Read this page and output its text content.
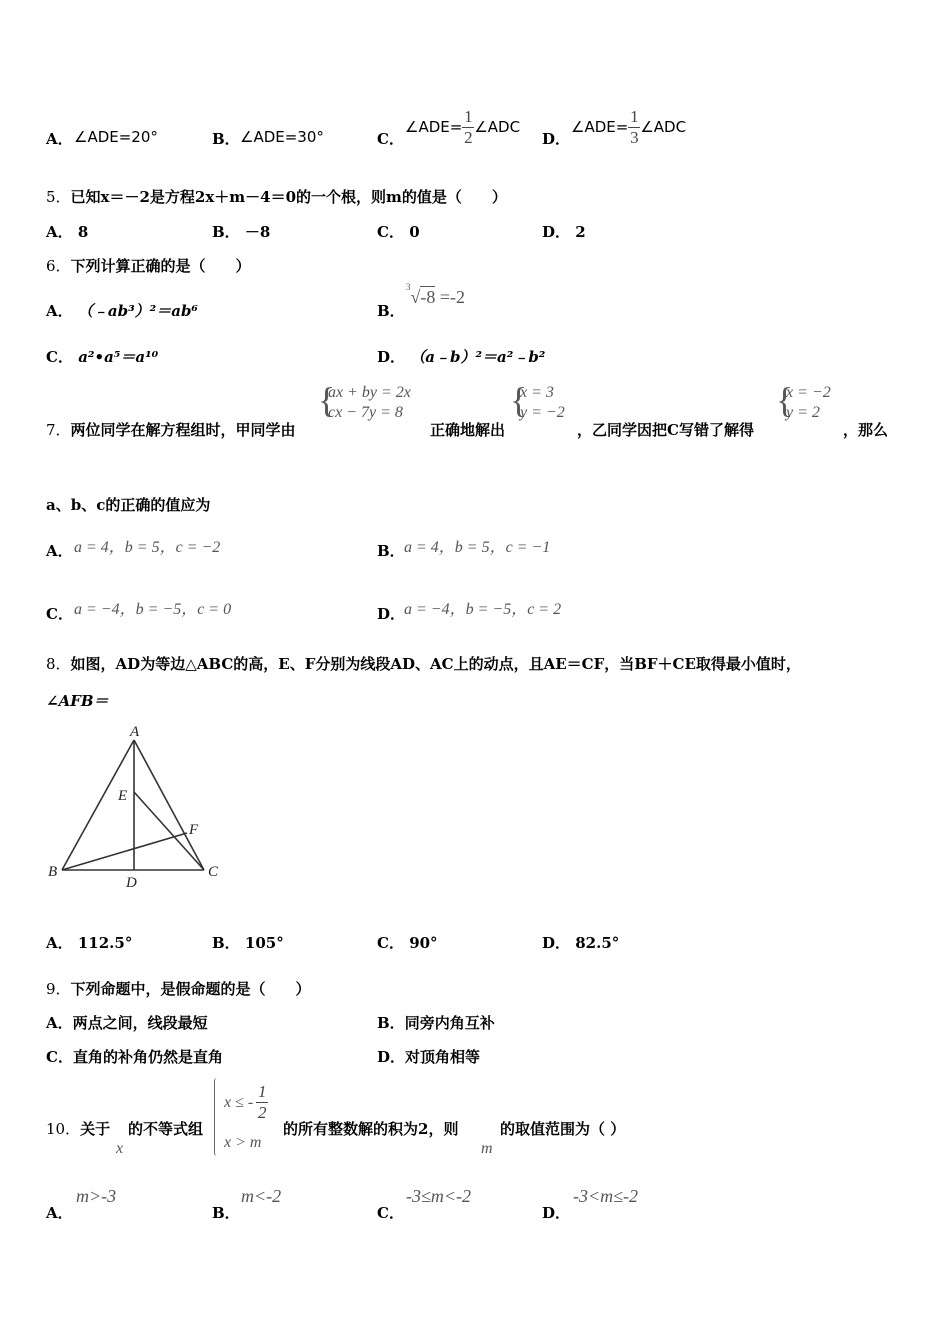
A． ∠ADE=20°	B． ∠ADE=30°	C．
∠ADE= $\frac{1}{2}$ ∠ADC
D．
∠ADE= $\frac{1}{3}$ ∠ADC
5．已知x＝－2是方程2x＋m－4＝0的一个根，则m的值是（　　）
A． 8	B． －8	C． 0	D． 2
6．下列计算正确的是（　　）
A． （﹣ab³）²＝ab⁶	B．
$^3$√-8 =-2
C． a²•a⁵＝a¹⁰	D． （a﹣b）²＝a²﹣b²
7．两位同学在解方程组时，甲同学由
{
ax + by = 2x
cx − 7y = 8
正确地解出
{
x = 3
y = −2
，乙同学因把C写错了解得
{
x = −2
y = 2
，那么
a、b、c的正确的值应为
A． a = 4，b = 5，c = −2	B． a = 4，b = 5，c = −1
C． a = −4，b = −5，c = 0	D．
a = −4，b = −5，c = 2
8．如图，AD为等边△ABC的高，E、F分别为线段AD、AC上的动点，且AE＝CF，当BF＋CE取得最小值时，
∠AFB＝
A
B	C
D
E
F
A． 112.5°	B． 105°	C． 90°	D． 82.5°
9．下列命题中，是假命题的是（　　）
A．两点之间，线段最短	B．同旁内角互补
C．直角的补角仍然是直角	D．对顶角相等
10．关于
x
的不等式组
x ≤ - $\frac{1}{2}$
x > m
的所有整数解的积为2，则
m
的取值范围为（ ）
A．
m>-3
B．
m<-2
C．
-3≤m<-2
D．
-3<m≤-2
